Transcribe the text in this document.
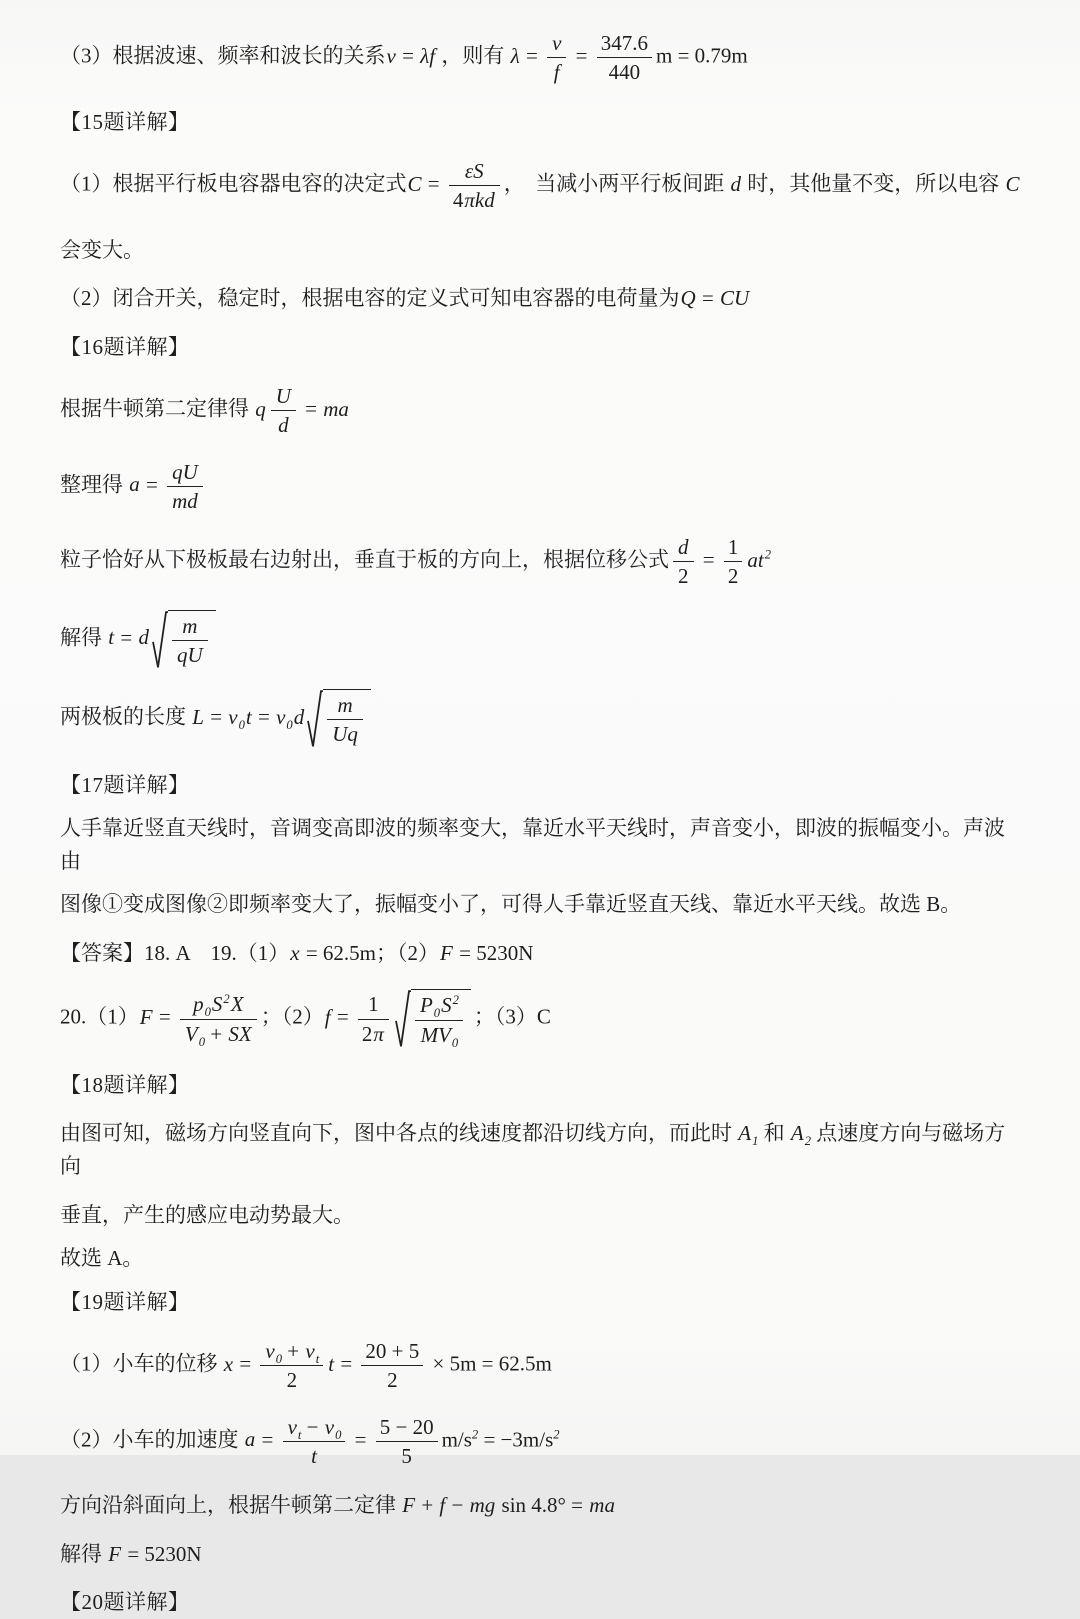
（3）根据波速、频率和波长的关系v = λf ，则有 $\lambda = \frac{v}{f} = \frac{347.6}{440}$ m = 0.79m
【15题详解】
（1）根据平行板电容器电容的决定式$C = \frac{\varepsilon S}{\text{4πkd}}$ ，  当减小两平行板间距 d 时，其他量不变，所以电容 C
会变大。
（2）闭合开关，稳定时，根据电容的定义式可知电容器的电荷量为Q = CU
【16题详解】
根据牛顿第二定律得 q $\frac{U}{d}$ = ma
整理得 $a = \frac{qU}{md}$
粒子恰好从下极板最右边射出，垂直于板的方向上，根据位移公式 $\frac{d}{2} = \frac{1}{2} at^2$
解得 t = d $\frac{m}{qU}$
两极板的长度 $L = v_0t = v_0d \frac{m}{Uq}$
【17题详解】
人手靠近竖直天线时，音调变高即波的频率变大，靠近水平天线时，声音变小，即波的振幅变小。声波由
图像①变成图像②即频率变大了，振幅变小了，可得人手靠近竖直天线、靠近水平天线。故选 B。
【答案】18. A    19.（1）x = 62.5m；（2）F = 5230N
$20.(1)F = \frac{p_0S^2X}{V_0 + SX}$ ；$(2)f = \frac{1}{2\pi} \frac{P_0S^2}{MV_0}$ ；（3）C
【18题详解】
由图可知，磁场方向竖直向下，图中各点的线速度都沿切线方向，而此时 $A_1$ 和 $A_2$ 点速度方向与磁场方向
垂直，产生的感应电动势最大。
故选 A。
【19题详解】
（1）小车的位移 $x = \frac{v_0 + v_t}{2}$ $t = \frac{20 + 5}{2} \times 5m = 62.5m$
（2）小车的加速度 $a = \frac{v_t - v_0}{t} = \frac{5 - 20}{5} m/s^2 = -3m/s^2$
方向沿斜面向上，根据牛顿第二定律 F + f − mg sin 4.8° = ma
解得 F = 5230N
【20题详解】
